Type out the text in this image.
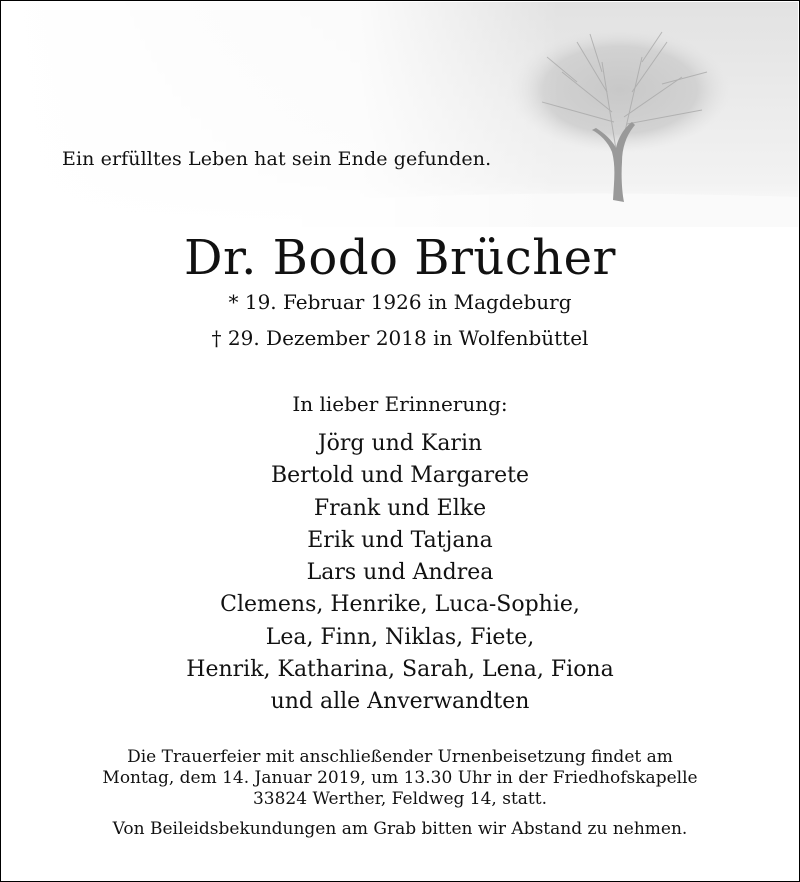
Ein erfülltes Leben hat sein Ende gefunden.
Dr. Bodo Brücher
* 19. Februar 1926 in Magdeburg
† 29. Dezember 2018 in Wolfenbüttel
In lieber Erinnerung:
Jörg und Karin
Bertold und Margarete
Frank und Elke
Erik und Tatjana
Lars und Andrea
Clemens, Henrike, Luca-Sophie,
Lea, Finn, Niklas, Fiete,
Henrik, Katharina, Sarah, Lena, Fiona
und alle Anverwandten
Die Trauerfeier mit anschließender Urnenbeisetzung findet am
Montag, dem 14. Januar 2019, um 13.30 Uhr in der Friedhofskapelle
33824 Werther, Feldweg 14, statt.
Von Beileidsbekundungen am Grab bitten wir Abstand zu nehmen.
